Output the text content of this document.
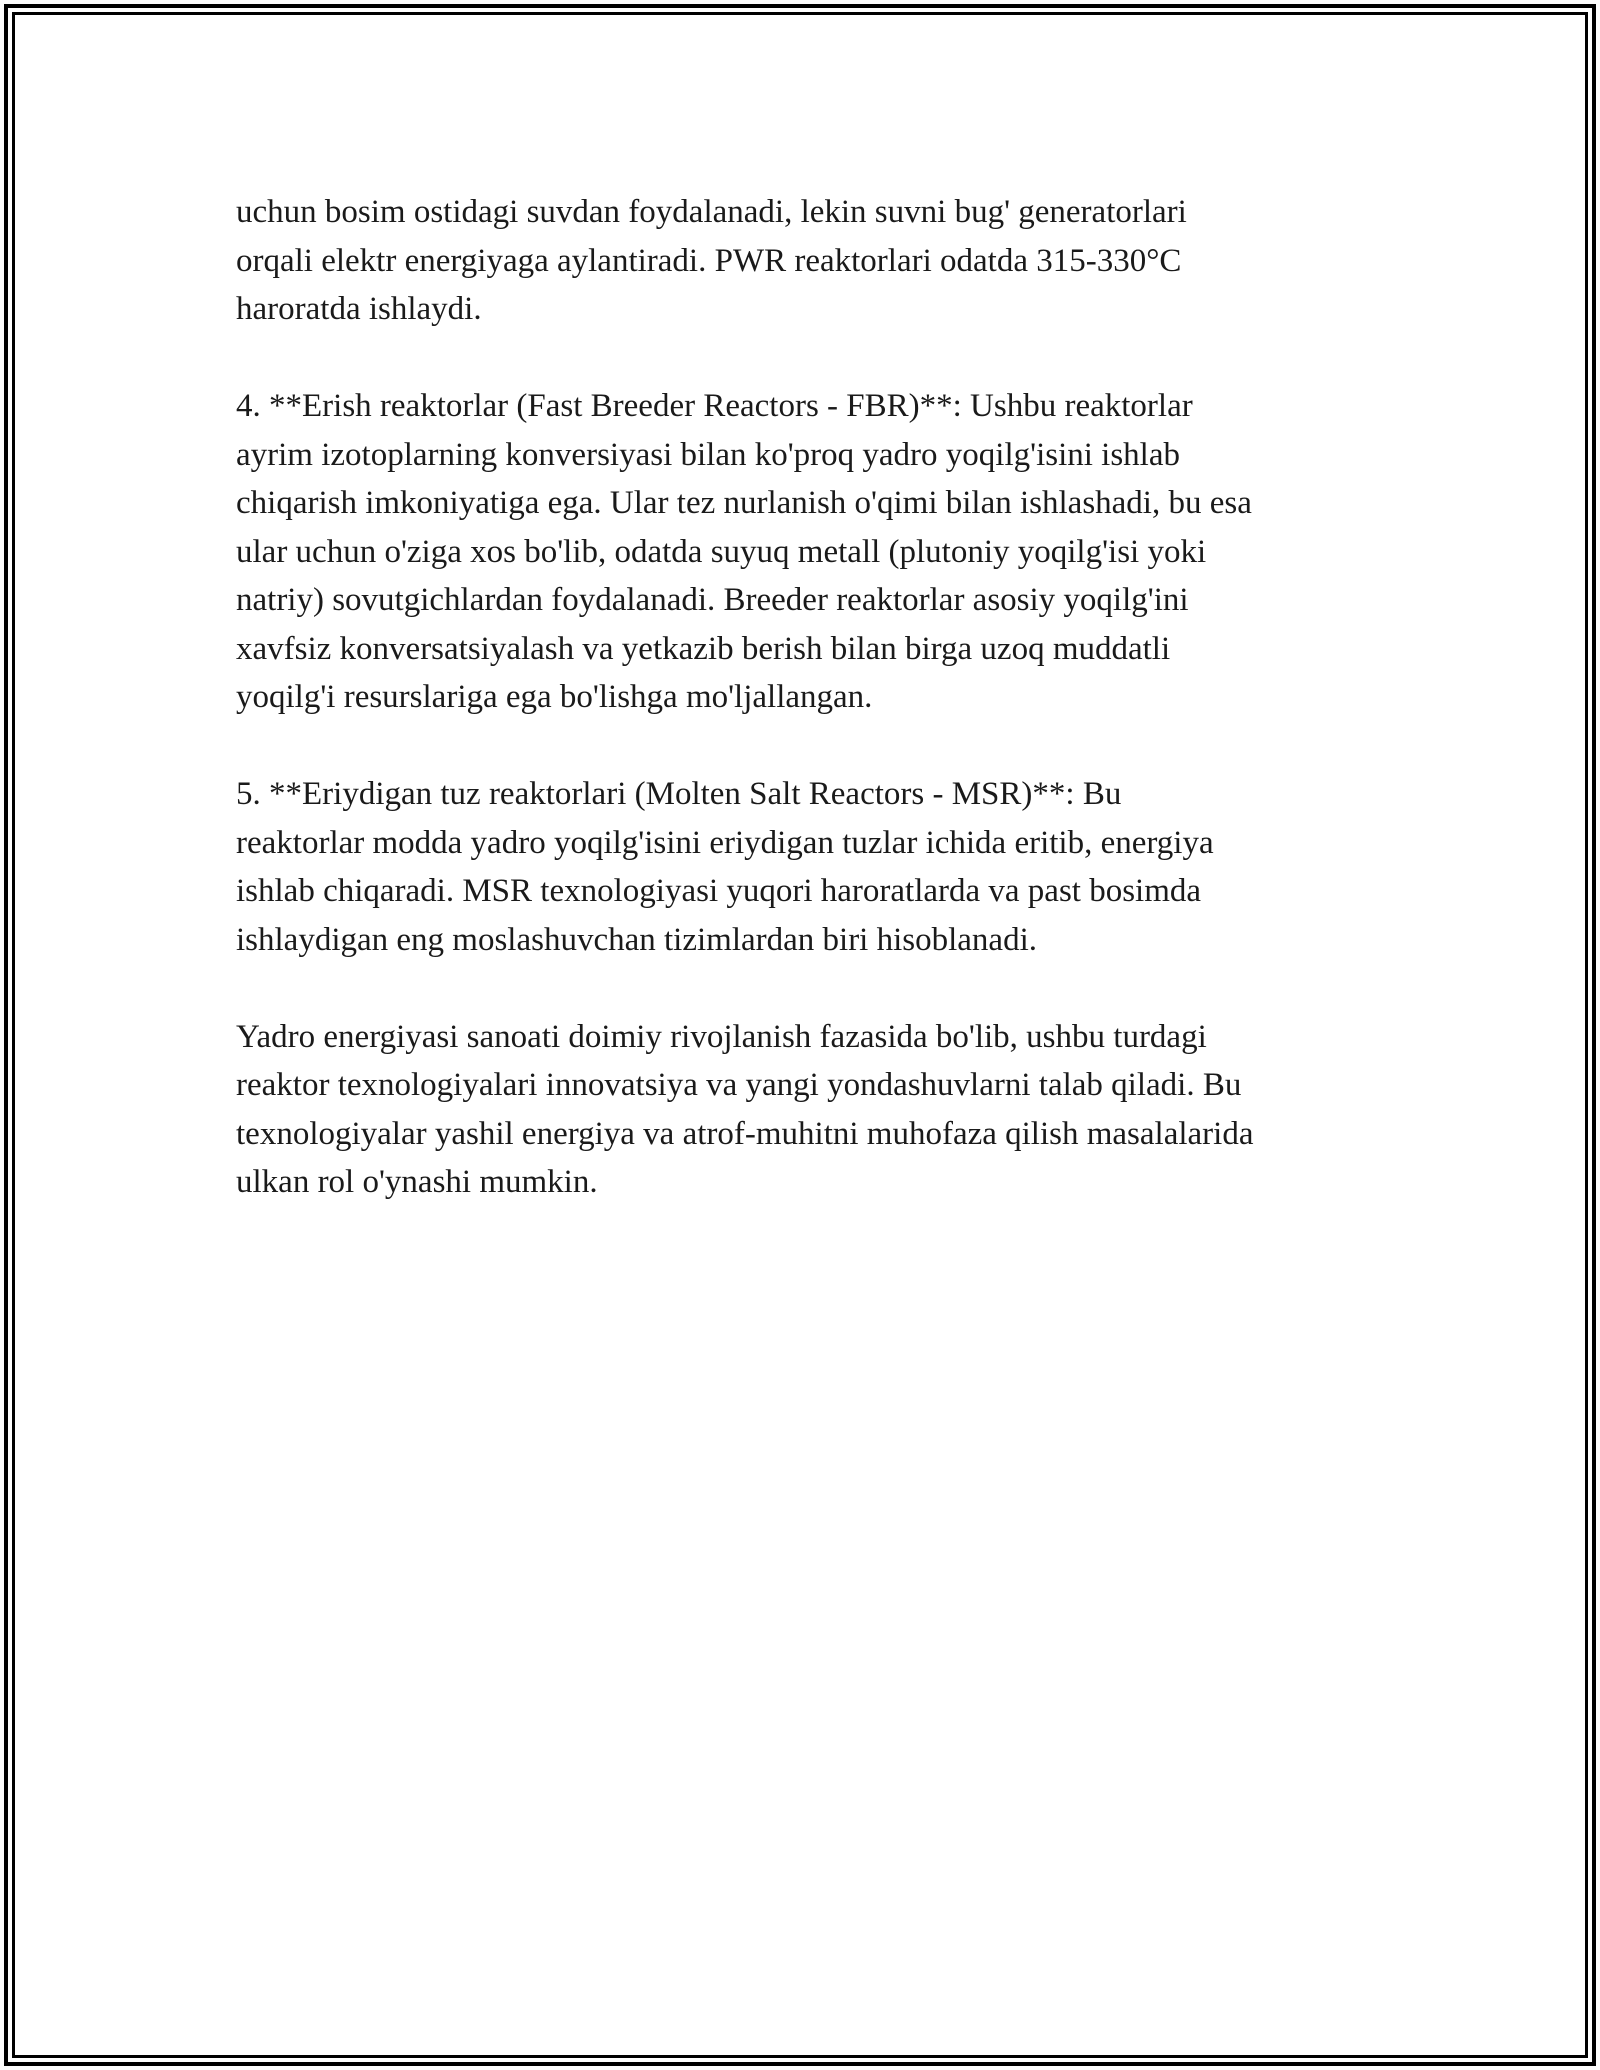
uchun bosim ostidagi suvdan foydalanadi, lekin suvni bug' generatorlari
orqali elektr energiyaga aylantiradi. PWR reaktorlari odatda 315-330°C
haroratda ishlaydi.

4. **Erish reaktorlar (Fast Breeder Reactors - FBR)**: Ushbu reaktorlar
ayrim izotoplarning konversiyasi bilan ko'proq yadro yoqilg'isini ishlab
chiqarish imkoniyatiga ega. Ular tez nurlanish o'qimi bilan ishlashadi, bu esa
ular uchun o'ziga xos bo'lib, odatda suyuq metall (plutoniy yoqilg'isi yoki
natriy) sovutgichlardan foydalanadi. Breeder reaktorlar asosiy yoqilg'ini
xavfsiz konversatsiyalash va yetkazib berish bilan birga uzoq muddatli
yoqilg'i resurslariga ega bo'lishga mo'ljallangan.

5. **Eriydigan tuz reaktorlari (Molten Salt Reactors - MSR)**: Bu
reaktorlar modda yadro yoqilg'isini eriydigan tuzlar ichida eritib, energiya
ishlab chiqaradi. MSR texnologiyasi yuqori haroratlarda va past bosimda
ishlaydigan eng moslashuvchan tizimlardan biri hisoblanadi.

Yadro energiyasi sanoati doimiy rivojlanish fazasida bo'lib, ushbu turdagi
reaktor texnologiyalari innovatsiya va yangi yondashuvlarni talab qiladi. Bu
texnologiyalar yashil energiya va atrof-muhitni muhofaza qilish masalalarida
ulkan rol o'ynashi mumkin.
